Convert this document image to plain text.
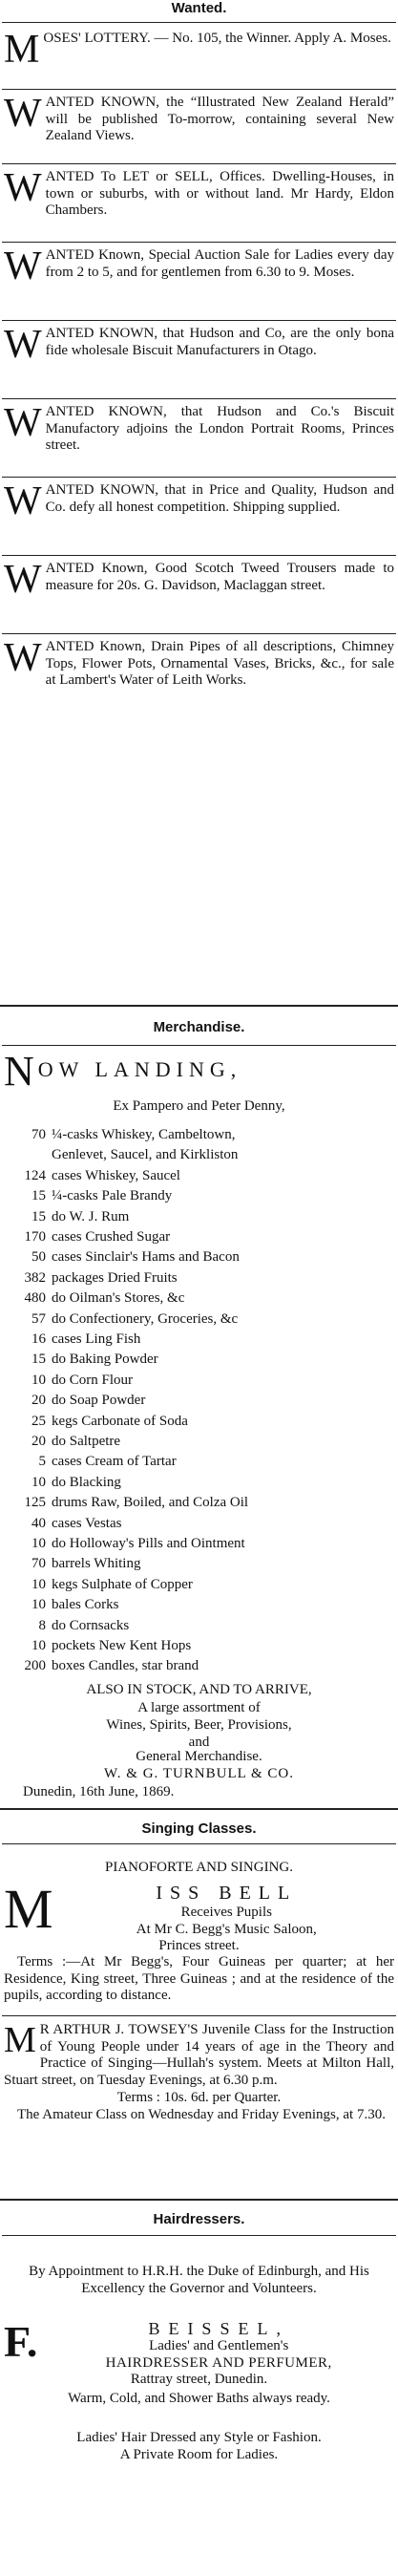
Wanted.
MOSES' LOTTERY. — No. 105, the Winner. Apply A. Moses.
WANTED KNOWN, the “Illustrated New Zealand Herald” will be published To-morrow, containing several New Zealand Views.
WANTED To LET or SELL, Offices. Dwelling-Houses, in town or suburbs, with or without land. Mr Hardy, Eldon Chambers.
WANTED Known, Special Auction Sale for Ladies every day from 2 to 5, and for gentlemen from 6.30 to 9. Moses.
WANTED KNOWN, that Hudson and Co, are the only bona fide wholesale Biscuit Manufacturers in Otago.
WANTED KNOWN, that Hudson and Co.'s Biscuit Manufactory adjoins the London Portrait Rooms, Princes street.
WANTED KNOWN, that in Price and Quality, Hudson and Co. defy all honest competition. Shipping supplied.
WANTED Known, Good Scotch Tweed Trousers made to measure for 20s. G. Davidson, Maclaggan street.
WANTED Known, Drain Pipes of all descriptions, Chimney Tops, Flower Pots, Ornamental Vases, Bricks, &c., for sale at Lambert's Water of Leith Works.
Merchandise.
N OW LANDING,
Ex Pampero and Peter Denny,
70 ¼-casks Whiskey, Cambeltown,
Genlevet, Saucel, and Kirkliston
124 cases Whiskey, Saucel
15 ¼-casks Pale Brandy
15 do W. J. Rum
170 cases Crushed Sugar
50 cases Sinclair's Hams and Bacon
382 packages Dried Fruits
480 do Oilman's Stores, &c
57 do Confectionery, Groceries, &c
16 cases Ling Fish
15 do Baking Powder
10 do Corn Flour
20 do Soap Powder
25 kegs Carbonate of Soda
20 do Saltpetre
5 cases Cream of Tartar
10 do Blacking
125 drums Raw, Boiled, and Colza Oil
40 cases Vestas
10 do Holloway's Pills and Ointment
70 barrels Whiting
10 kegs Sulphate of Copper
10 bales Corks
8 do Cornsacks
10 pockets New Kent Hops
200 boxes Candles, star brand
ALSO IN STOCK, AND TO ARRIVE,
A large assortment of
Wines, Spirits, Beer, Provisions,
and
General Merchandise.
W. & G. TURNBULL & CO.
Dunedin, 16th June, 1869.
Singing Classes.
PIANOFORTE AND SINGING.
M	ISS BELL
Receives Pupils
At Mr C. Begg's Music Saloon,
Princes street.
Terms :—At Mr Begg's, Four Guineas per quarter; at her Residence, King street, Three Guineas ; and at the residence of the pupils, according to distance.
M R ARTHUR J. TOWSEY'S Juvenile Class for the Instruction of Young People under 14 years of age in the Theory and Practice of Singing—Hullah's system. Meets at Milton Hall, Stuart street, on Tuesday Evenings, at 6.30 p.m.

Terms : 10s. 6d. per Quarter.

The Amateur Class on Wednesday and Friday Evenings, at 7.30.

Hairdressers.
By Appointment to H.R.H. the Duke of Edinburgh, and His Excellency the Governor and Volunteers.
F.	BEISSEL,
Ladies' and Gentlemen's
HAIRDRESSER AND PERFUMER,
Rattray street, Dunedin.
Warm, Cold, and Shower Baths always ready.
Ladies' Hair Dressed any Style or Fashion.
A Private Room for Ladies.
